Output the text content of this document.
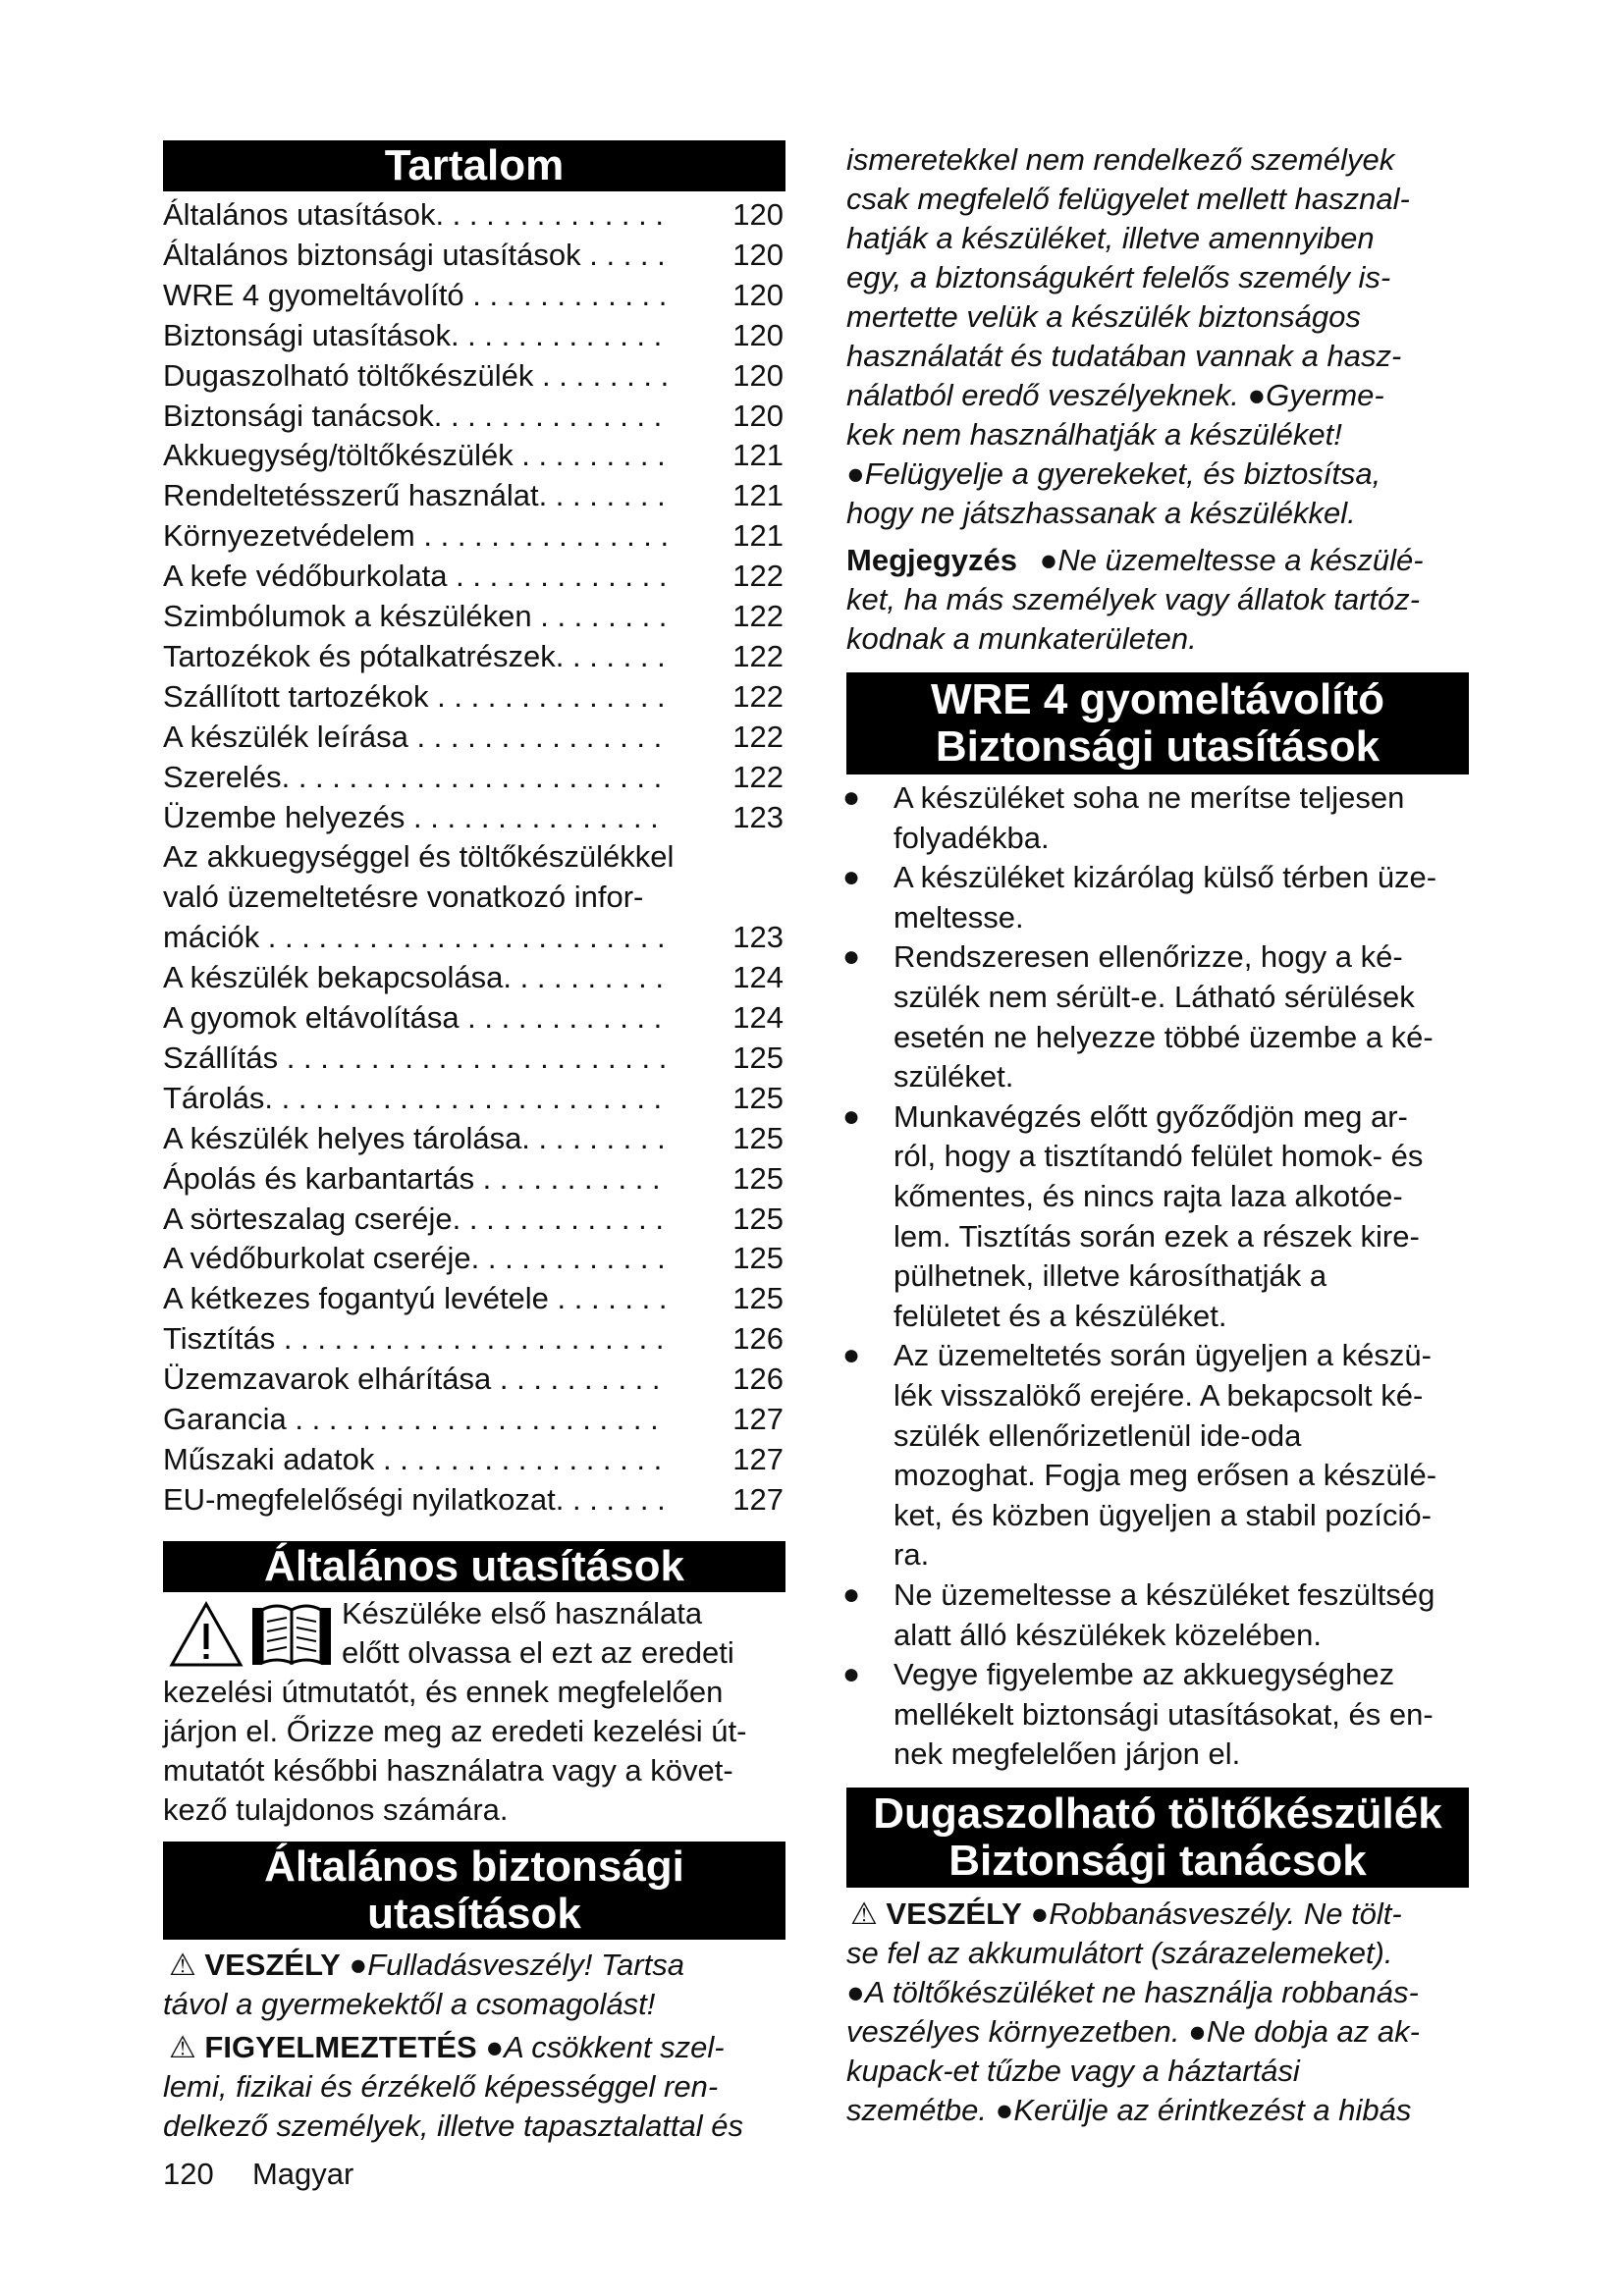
Tartalom
Általános utasítások. . . . . . . . . . . . . . 120
Általános biztonsági utasítások . . . . . 120
WRE 4 gyomeltávolító . . . . . . . . . . . . 120
Biztonsági utasítások. . . . . . . . . . . . . 120
Dugaszolható töltőkészülék . . . . . . . . 120
Biztonsági tanácsok. . . . . . . . . . . . . . 120
Akkuegység/töltőkészülék . . . . . . . . . 121
Rendeltetésszerű használat. . . . . . . . 121
Környezetvédelem . . . . . . . . . . . . . . . 121
A kefe védőburkolata . . . . . . . . . . . . . 122
Szimbólumok a készüléken . . . . . . . . 122
Tartozékok és pótalkatrészek. . . . . . . 122
Szállított tartozékok . . . . . . . . . . . . . . 122
A készülék leírása . . . . . . . . . . . . . . . 122
Szerelés. . . . . . . . . . . . . . . . . . . . . . . 122
Üzembe helyezés . . . . . . . . . . . . . . . 123
Az akkuegységgel és töltőkészülékkel
való üzemeltetésre vonatkozó infor-
mációk . . . . . . . . . . . . . . . . . . . . . . . . 123
A készülék bekapcsolása. . . . . . . . . . 124
A gyomok eltávolítása . . . . . . . . . . . . 124
Szállítás . . . . . . . . . . . . . . . . . . . . . . . 125
Tárolás. . . . . . . . . . . . . . . . . . . . . . . . 125
A készülék helyes tárolása. . . . . . . . . 125
Ápolás és karbantartás . . . . . . . . . . . 125
A sörteszalag cseréje. . . . . . . . . . . . . 125
A védőburkolat cseréje. . . . . . . . . . . . 125
A kétkezes fogantyú levétele . . . . . . . 125
Tisztítás . . . . . . . . . . . . . . . . . . . . . . . 126
Üzemzavarok elhárítása . . . . . . . . . . 126
Garancia . . . . . . . . . . . . . . . . . . . . . . 127
Műszaki adatok . . . . . . . . . . . . . . . . . 127
EU-megfelelőségi nyilatkozat. . . . . . . 127
Általános utasítások
Készüléke első használata
előtt olvassa el ezt az eredeti
kezelési útmutatót, és ennek megfelelően
járjon el. Őrizze meg az eredeti kezelési út-
mutatót későbbi használatra vagy a követ-
kező tulajdonos számára.
Általános biztonsági
utasítások
⚠ VESZÉLY ●Fulladásveszély! Tartsa
távol a gyermekektől a csomagolást!
⚠ FIGYELMEZTETÉS ●A csökkent szel-
lemi, fizikai és érzékelő képességgel ren-
delkező személyek, illetve tapasztalattal és
120 Magyar
ismeretekkel nem rendelkező személyek
csak megfelelő felügyelet mellett hasznal-
hatják a készüléket, illetve amennyiben
egy, a biztonságukért felelős személy is-
mertette velük a készülék biztonságos
használatát és tudatában vannak a hasz-
nálatból eredő veszélyeknek. ●Gyerme-
kek nem használhatják a készüléket!
●Felügyelje a gyerekeket, és biztosítsa,
hogy ne játszhassanak a készülékkel.
Megjegyzés ●Ne üzemeltesse a készülé-
ket, ha más személyek vagy állatok tartóz-
kodnak a munkaterületen.
WRE 4 gyomeltávolító
Biztonsági utasítások
● A készüléket soha ne merítse teljesen
folyadékba.
● A készüléket kizárólag külső térben üze-
meltesse.
● Rendszeresen ellenőrizze, hogy a ké-
szülék nem sérült-e. Látható sérülések
esetén ne helyezze többé üzembe a ké-
szüléket.
● Munkavégzés előtt győződjön meg ar-
ról, hogy a tisztítandó felület homok- és
kőmentes, és nincs rajta laza alkotóe-
lem. Tisztítás során ezek a részek kire-
pülhetnek, illetve károsíthatják a
felületet és a készüléket.
● Az üzemeltetés során ügyeljen a készü-
lék visszalökő erejére. A bekapcsolt ké-
szülék ellenőrizetlenül ide-oda
mozoghat. Fogja meg erősen a készülé-
ket, és közben ügyeljen a stabil pozíció-
ra.
● Ne üzemeltesse a készüléket feszültség
alatt álló készülékek közelében.
● Vegye figyelembe az akkuegységhez
mellékelt biztonsági utasításokat, és en-
nek megfelelően járjon el.
Dugaszolható töltőkészülék
Biztonsági tanácsok
⚠ VESZÉLY ●Robbanásveszély. Ne tölt-
se fel az akkumulátort (szárazelemeket).
●A töltőkészüléket ne használja robbanás-
veszélyes környezetben. ●Ne dobja az ak-
kupack-et tűzbe vagy a háztartási
szemétbe. ●Kerülje az érintkezést a hibás
